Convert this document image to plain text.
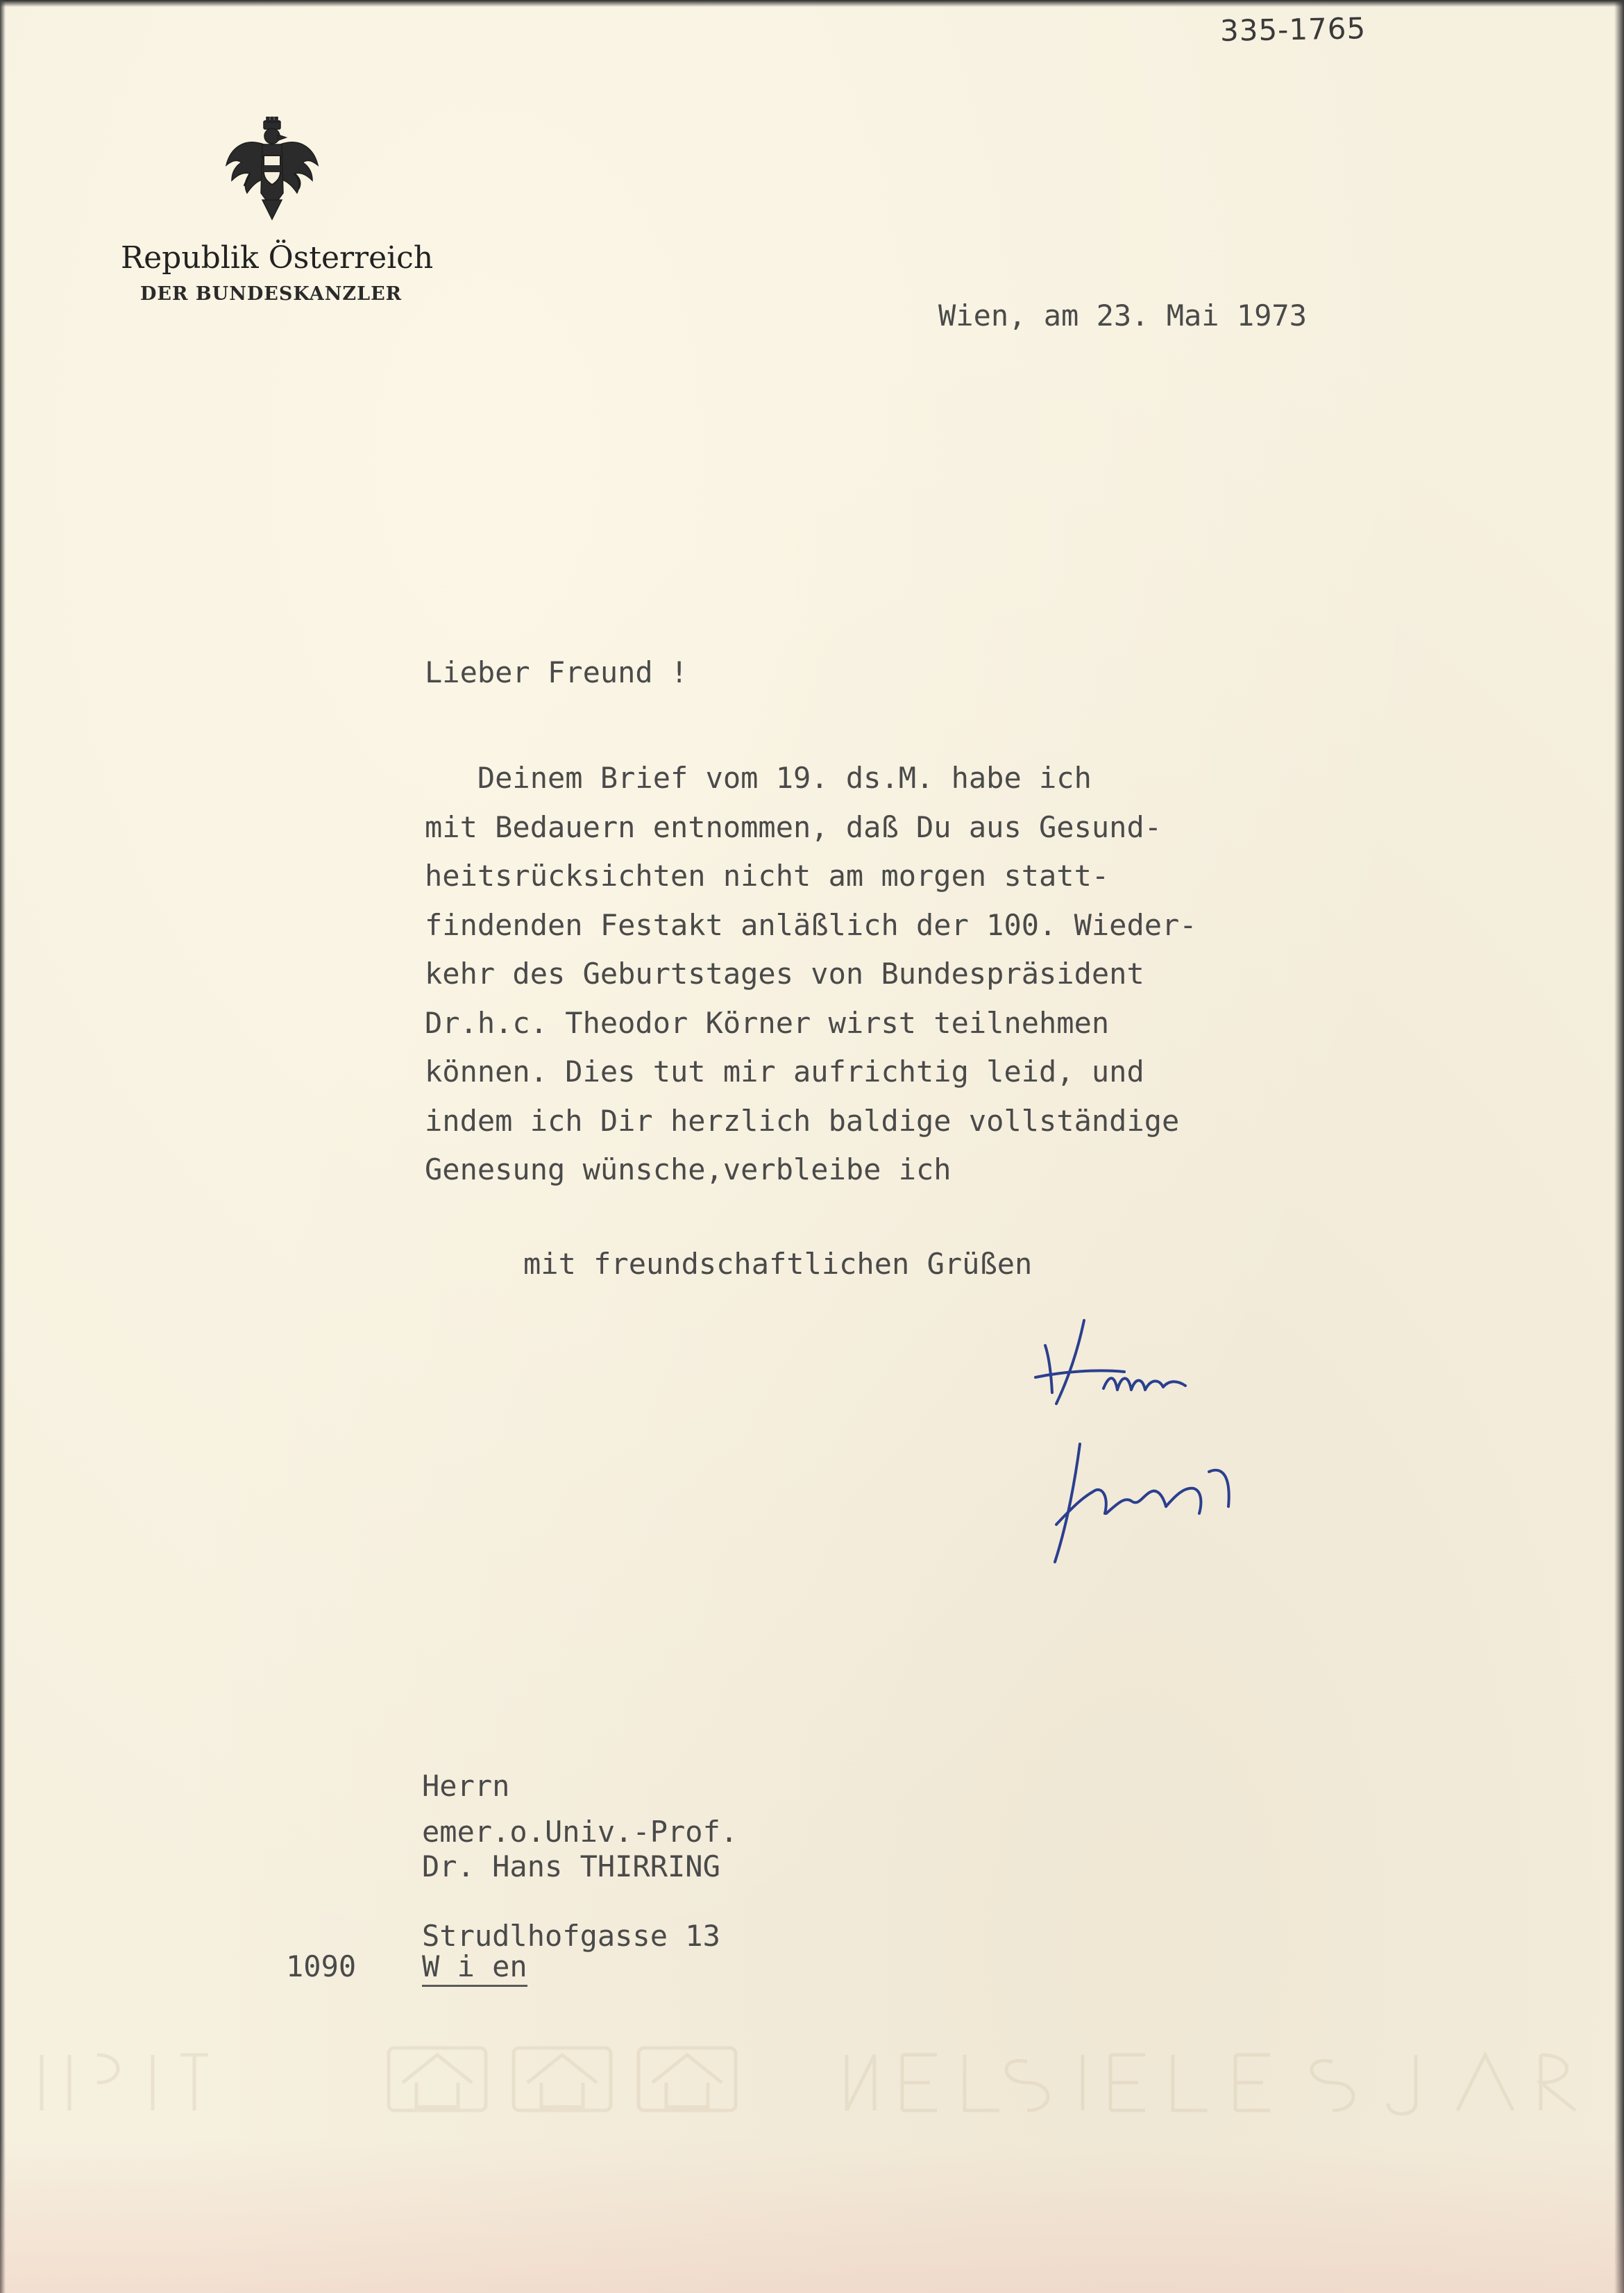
335-1765
Republik Österreich
DER BUNDESKANZLER
Wien, am 23. Mai 1973
Lieber Freund !
Deinem Brief vom 19. ds.M. habe ich
mit Bedauern entnommen, daß Du aus Gesund-
heitsrücksichten nicht am morgen statt-
findenden Festakt anläßlich der 100. Wieder-
kehr des Geburtstages von Bundespräsident
Dr.h.c. Theodor Körner wirst teilnehmen
können. Dies tut mir aufrichtig leid, und
indem ich Dir herzlich baldige vollständige
Genesung wünsche,verbleibe ich
mit freundschaftlichen Grüßen
Herrn
emer.o.Univ.-Prof.
Dr. Hans THIRRING
Strudlhofgasse 13
1090 W i en
